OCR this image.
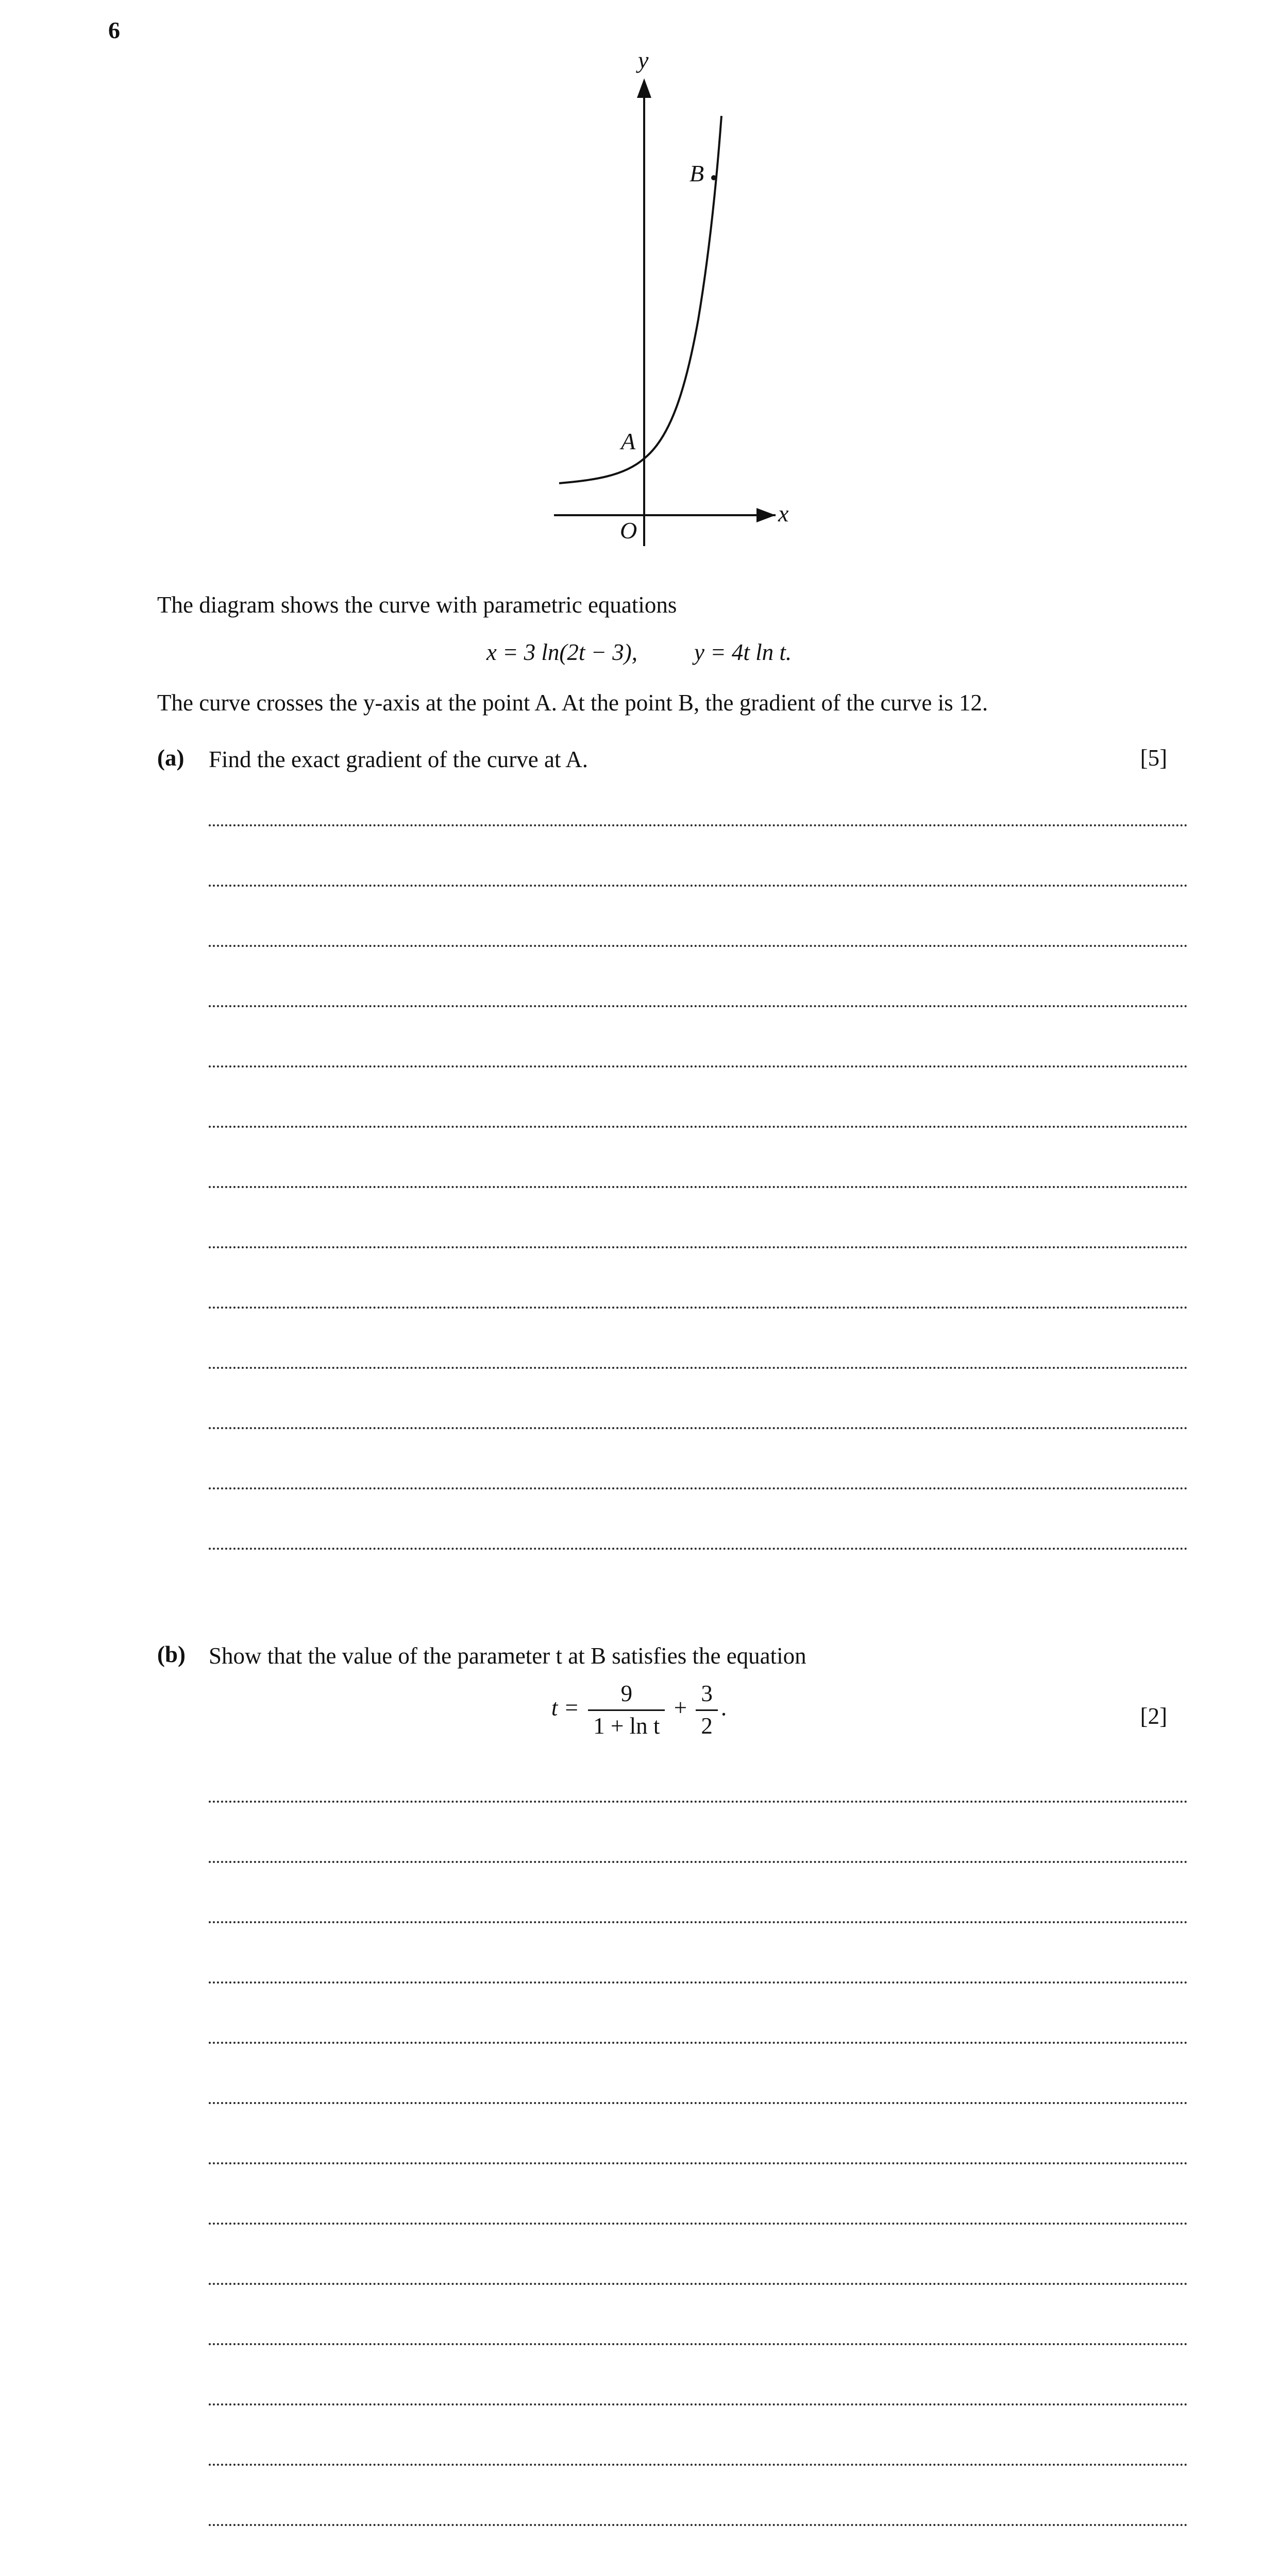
6
y
x
O
A
B
The diagram shows the curve with parametric equations
x = 3 ln(2t − 3), y = 4t ln t.
The curve crosses the y-axis at the point A. At the point B, the gradient of the curve is 12.
(a) Find the exact gradient of the curve at A.	[5]
(b) Show that the value of the parameter t at B satisfies the equation
$t = \frac{9}{\text{1 + ln t}} + \frac{3}{2}$ .	[2]
